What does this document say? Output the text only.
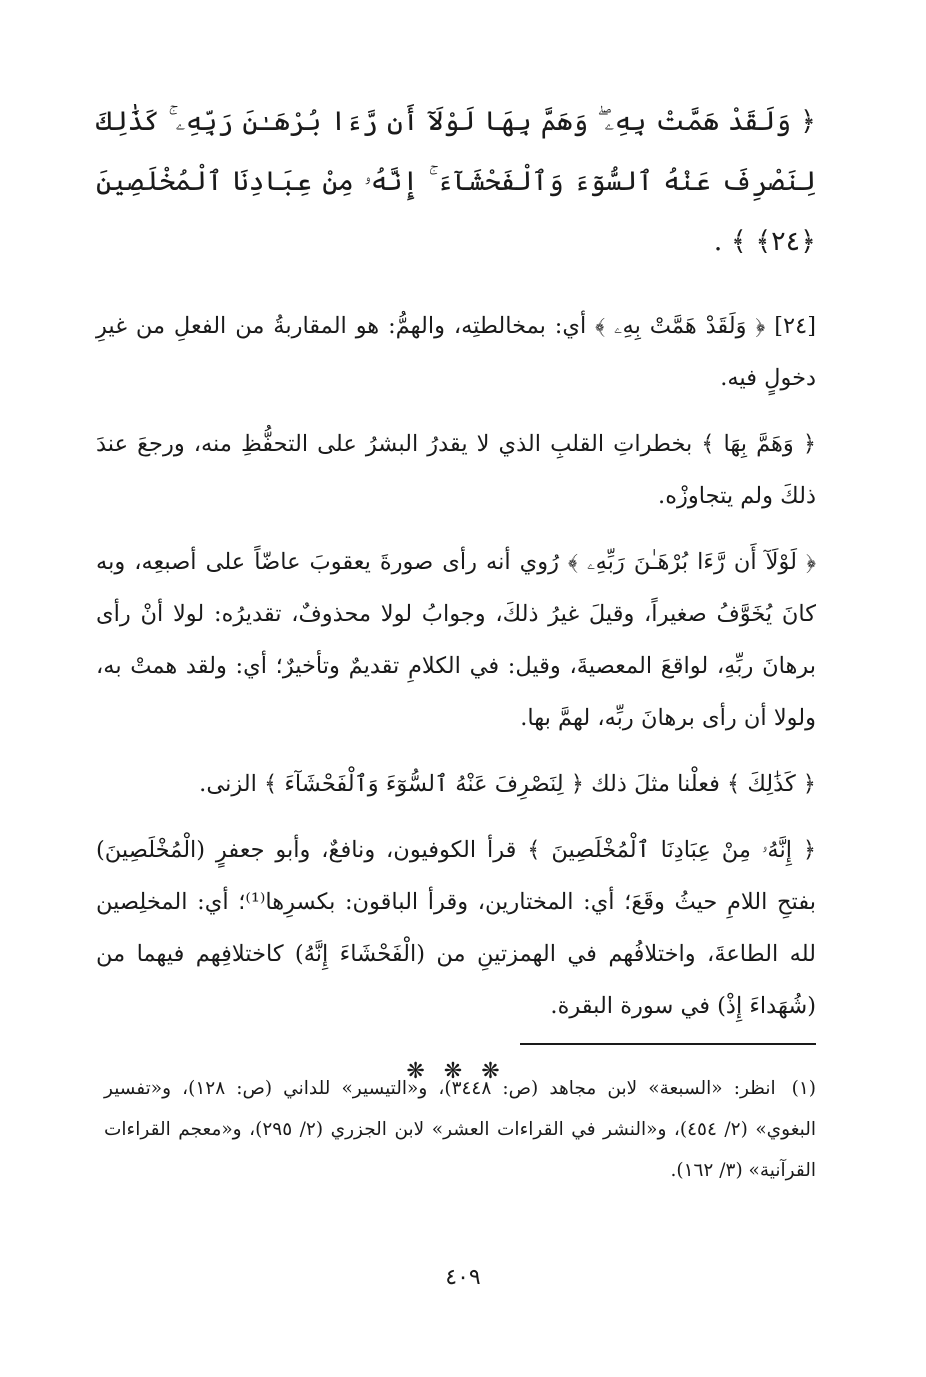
﴿ وَلَقَدْ هَمَّتْ بِهِۦ ۖ وَهَمَّ بِهَا لَوْلَآ أَن رَّءَا بُرْهَـٰنَ رَبِّهِۦ ۚ كَذَٰلِكَ لِنَصْرِفَ عَنْهُ ٱلسُّوٓءَ وَٱلْفَحْشَآءَ ۚ إِنَّهُۥ مِنْ عِبَادِنَا ٱلْمُخْلَصِينَ ﴿٢٤﴾ ﴾ .

[٢٤] ﴿ وَلَقَدْ هَمَّتْ بِهِۦ ﴾ أي: بمخالطتِه، والهمُّ: هو المقاربةُ من الفعلِ من غيرِ دخولٍ فيه.

﴿ وَهَمَّ بِهَا ﴾ بخطراتِ القلبِ الذي لا يقدرُ البشرُ على التحفُّظِ منه، ورجعَ عندَ ذلكَ ولم يتجاوزْه.

﴿ لَوْلَآ أَن رَّءَا بُرْهَـٰنَ رَبِّهِۦ ﴾ رُوي أنه رأى صورةَ يعقوبَ عاضّاً على أصبعِه، وبه كانَ يُخَوَّفُ صغيراً، وقيلَ غيرُ ذلكَ، وجوابُ لولا محذوفٌ، تقديرُه: لولا أنْ رأى برهانَ ربِّهِ، لواقعَ المعصيةَ، وقيل: في الكلامِ تقديمٌ وتأخيرٌ؛ أي: ولقد همتْ به، ولولا أن رأى برهانَ ربِّه، لهمَّ بها.

﴿ كَذَٰلِكَ ﴾ فعلْنا مثلَ ذلك ﴿ لِنَصْرِفَ عَنْهُ ٱلسُّوٓءَ وَٱلْفَحْشَآءَ ﴾ الزنى.

﴿ إِنَّهُۥ مِنْ عِبَادِنَا ٱلْمُخْلَصِينَ ﴾ قرأ الكوفيون، ونافعٌ، وأبو جعفرٍ (الْمُخْلَصِينَ) بفتحِ اللامِ حيثُ وقَعَ؛ أي: المختارين، وقرأ الباقون: بكسرِها⁽¹⁾؛ أي: المخلِصين لله الطاعةَ، واختلافُهم في الهمزتينِ من (الْفَحْشَاءَ إِنَّهُ) كاختلافِهم فيهما من (شُهَداءَ إِذْ) في سورة البقرة.

❋ ❋ ❋
(١)انظر: «السبعة» لابن مجاهد (ص: ٣٤٤٨)، و«التيسير» للداني (ص: ١٢٨)، و«تفسير البغوي» (٢/ ٤٥٤)، و«النشر في القراءات العشر» لابن الجزري (٢/ ٢٩٥)، و«معجم القراءات القرآنية» (٣/ ١٦٢).
٤٠٩
